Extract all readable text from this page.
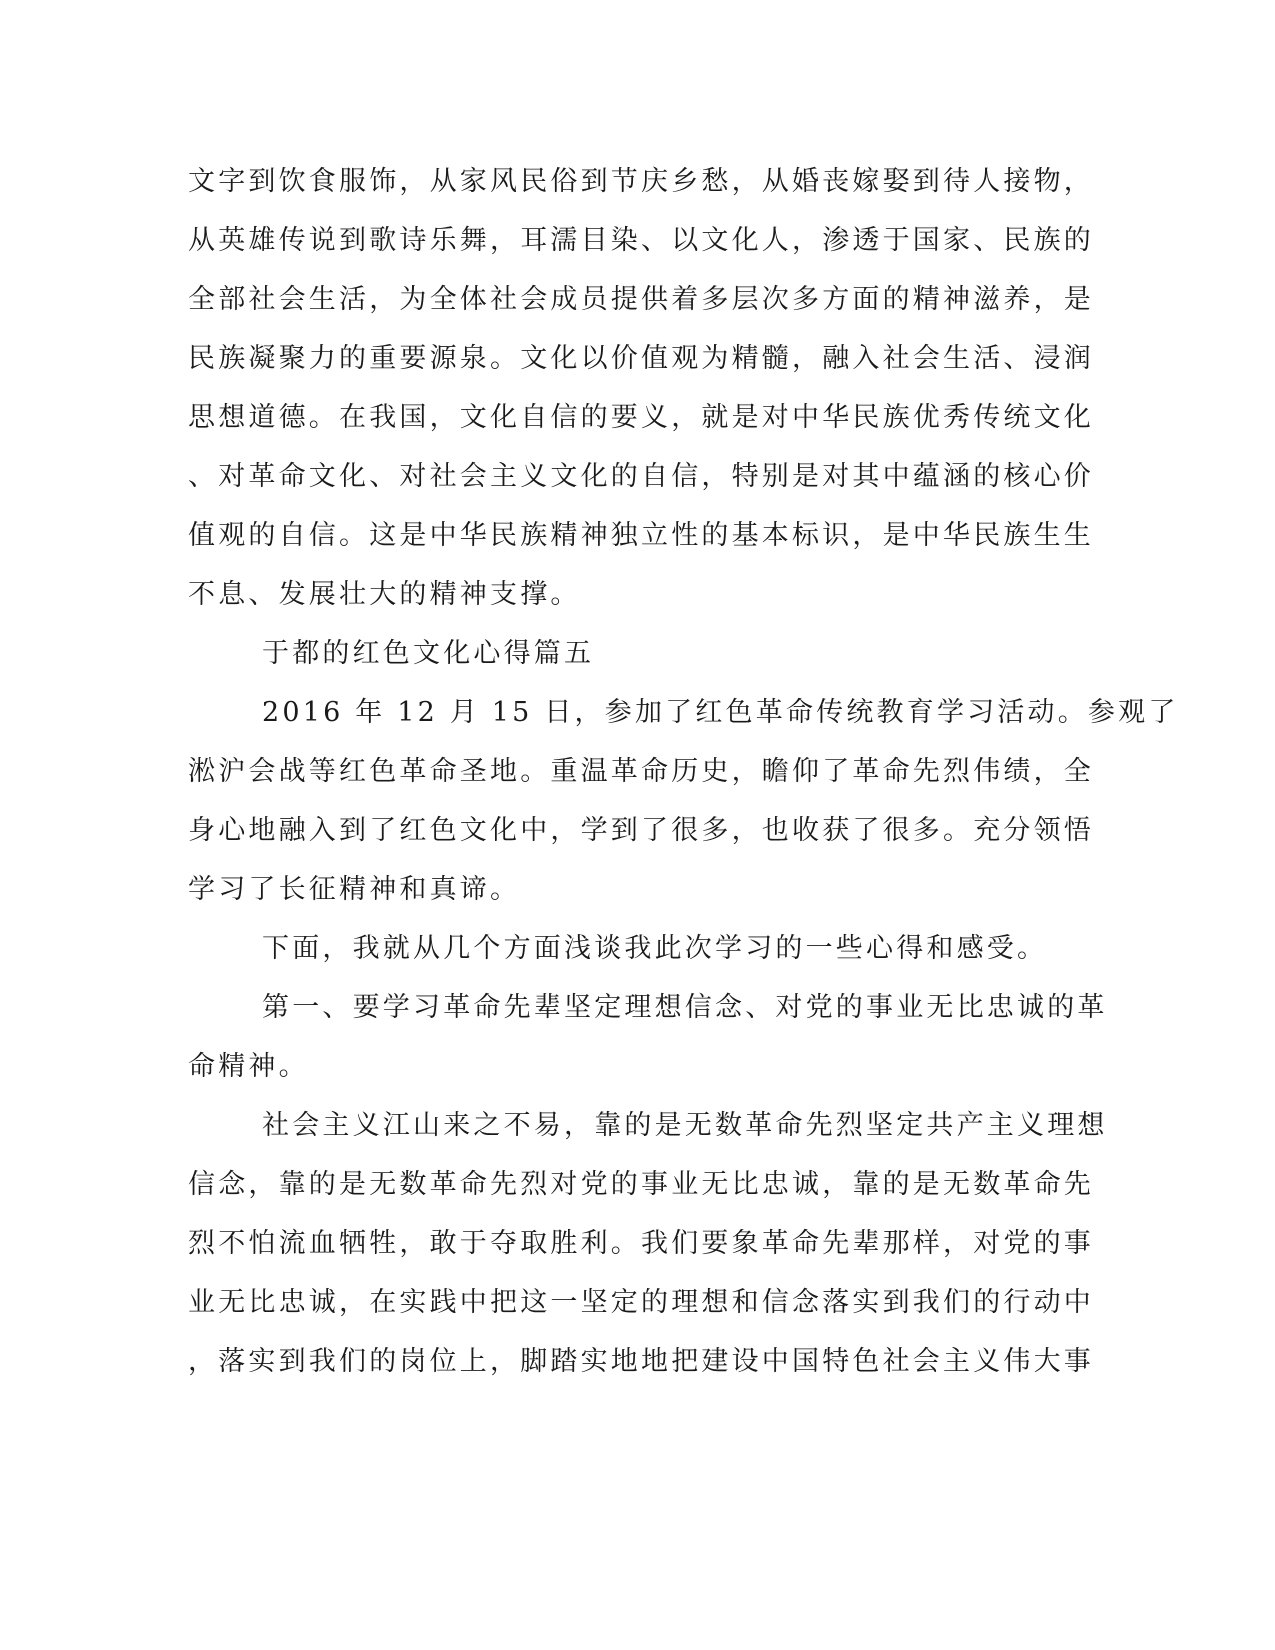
文字到饮食服饰，从家风民俗到节庆乡愁，从婚丧嫁娶到待人接物，

从英雄传说到歌诗乐舞，耳濡目染、以文化人，渗透于国家、民族的

全部社会生活，为全体社会成员提供着多层次多方面的精神滋养，是

民族凝聚力的重要源泉。文化以价值观为精髓，融入社会生活、浸润

思想道德。在我国，文化自信的要义，就是对中华民族优秀传统文化

、对革命文化、对社会主义文化的自信，特别是对其中蕴涵的核心价

值观的自信。这是中华民族精神独立性的基本标识，是中华民族生生

不息、发展壮大的精神支撑。

于都的红色文化心得篇五

2016 年 12 月 15 日，参加了红色革命传统教育学习活动。参观了

淞沪会战等红色革命圣地。重温革命历史，瞻仰了革命先烈伟绩，全

身心地融入到了红色文化中，学到了很多，也收获了很多。充分领悟

学习了长征精神和真谛。

下面，我就从几个方面浅谈我此次学习的一些心得和感受。

第一、要学习革命先辈坚定理想信念、对党的事业无比忠诚的革

命精神。

社会主义江山来之不易，靠的是无数革命先烈坚定共产主义理想

信念，靠的是无数革命先烈对党的事业无比忠诚，靠的是无数革命先

烈不怕流血牺牲，敢于夺取胜利。我们要象革命先辈那样，对党的事

业无比忠诚，在实践中把这一坚定的理想和信念落实到我们的行动中

，落实到我们的岗位上，脚踏实地地把建设中国特色社会主义伟大事
